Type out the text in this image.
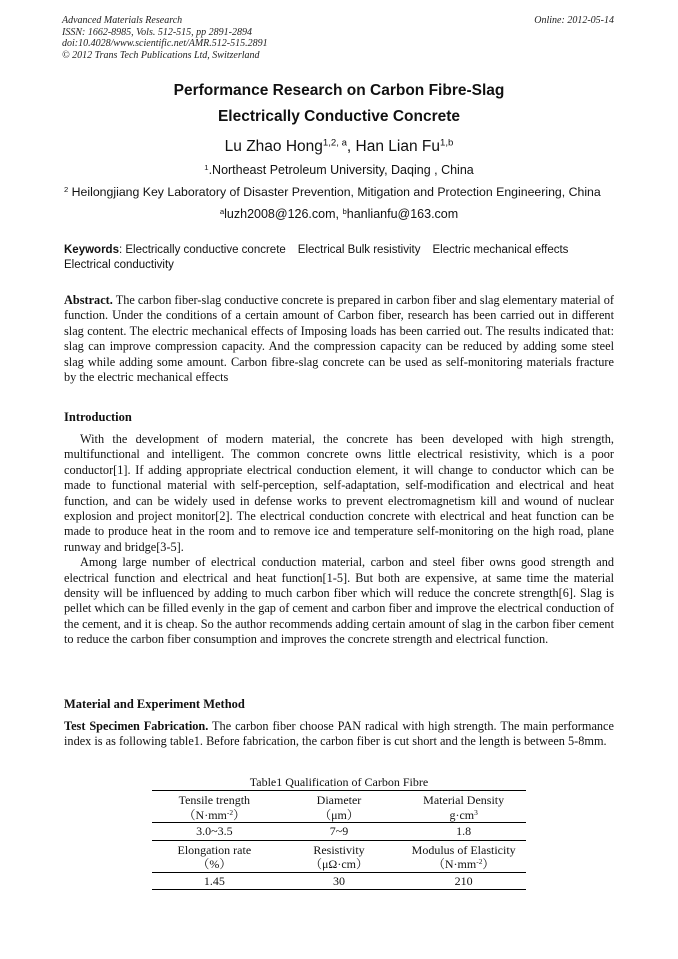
Advanced Materials Research
ISSN: 1662-8985, Vols. 512-515, pp 2891-2894
doi:10.4028/www.scientific.net/AMR.512-515.2891
© 2012 Trans Tech Publications Ltd, Switzerland
Online: 2012-05-14
Performance Research on Carbon Fibre-Slag
Electrically Conductive Concrete
Lu Zhao Hong$^{1,2, a}$, Han Lian Fu$^{1,b}$
$^1$.Northeast Petroleum University, Daqing , China
$^2$ Heilongjiang Key Laboratory of Disaster Prevention, Mitigation and Protection Engineering, China
$^a$luzh2008@126.com, $^b$hanlianfu@163.com
Keywords: Electrically conductive concrete Electrical Bulk resistivity Electric mechanical effects
Electrical conductivity

Abstract. The carbon fiber-slag conductive concrete is prepared in carbon fiber and slag elementary material of function. Under the conditions of a certain amount of Carbon fiber, research has been carried out in different slag content. The electric mechanical effects of Imposing loads has been carried out. The results indicated that: slag can improve compression capacity. And the compression capacity can be reduced by adding some steel slag while adding some amount. Carbon fibre-slag concrete can be used as self-monitoring materials fracture by the electric mechanical effects

Introduction

With the development of modern material, the concrete has been developed with high strength, multifunctional and intelligent. The common concrete owns little electrical resistivity, which is a poor conductor[1]. If adding appropriate electrical conduction element, it will change to conductor which can be made to functional material with self-perception, self-adaptation, self-modification and electrical and heat function, and can be widely used in defense works to prevent electromagnetism kill and wound of nuclear explosion and project monitor[2]. The electrical conduction concrete with electrical and heat function can be made to produce heat in the room and to remove ice and temperature self-monitoring on the high road, plane runway and bridge[3-5].

Among large number of electrical conduction material, carbon and steel fiber owns good strength and electrical function and electrical and heat function[1-5]. But both are expensive, at same time the material density will be influenced by adding to much carbon fiber which will reduce the concrete strength[6]. Slag is pellet which can be filled evenly in the gap of cement and carbon fiber and improve the electrical conduction of the cement, and it is cheap. So the author recommends adding certain amount of slag in the carbon fiber cement to reduce the carbon fiber consumption and improves the concrete strength and electrical function.

Material and Experiment Method

Test Specimen Fabrication. The carbon fiber choose PAN radical with high strength. The main performance index is as following table1. Before fabrication, the carbon fiber is cut short and the length is between 5-8mm.

Table1 Qualification of Carbon Fibre
Tensile trength	Diameter	Material Density
$(N\cdot mm^{-2})$	（μm）	$g\cdot cm^3$
3.0~3.5	7~9	1.8
Elongation rate	Resistivity	Modulus of Elasticity
（%）	（μΩ·cm）	$(N\cdot mm^{-2})$
1.45	30	210
